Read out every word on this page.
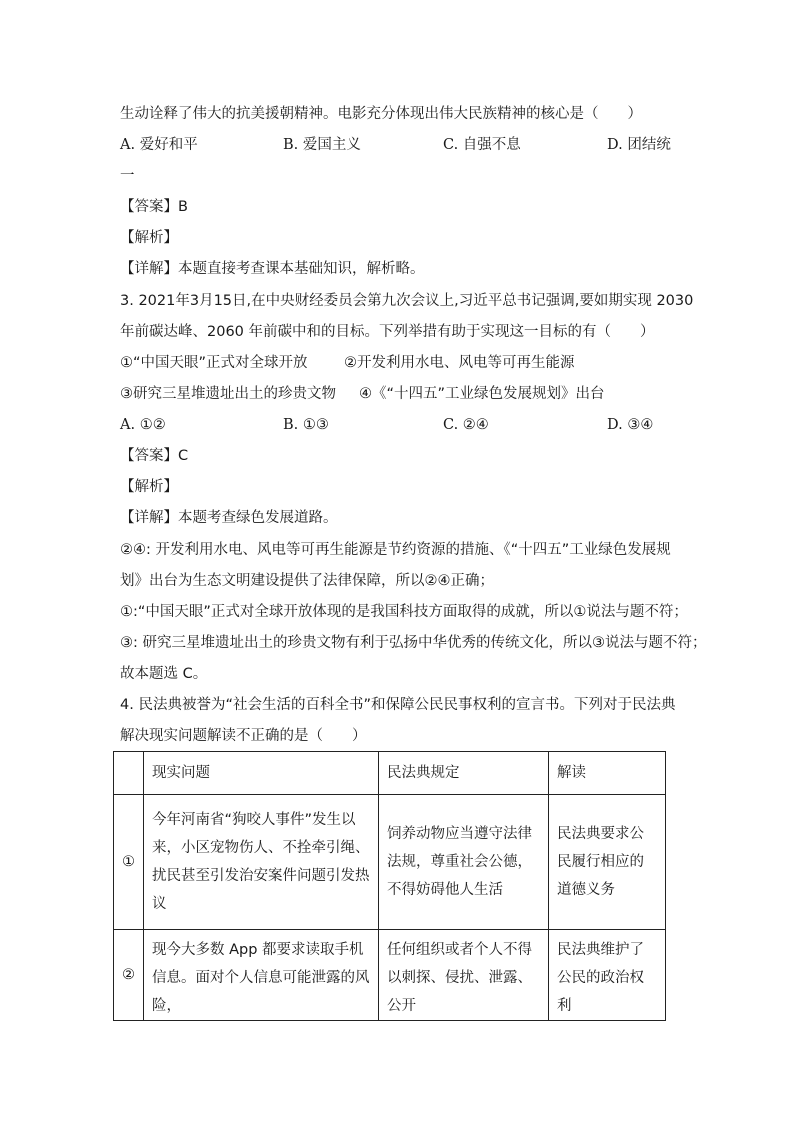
生动诠释了伟大的抗美援朝精神。电影充分体现出伟大民族精神的核心是（　　）
A. 爱好和平	B. 爱国主义	C. 自强不息	D. 团结统
一
【答案】B
【解析】
【详解】本题直接考查课本基础知识，解析略。
3. 2021年3月15日,在中央财经委员会第九次会议上,习近平总书记强调,要如期实现 2030
年前碳达峰、2060 年前碳中和的目标。下列举措有助于实现这一目标的有（　　）
①“中国天眼”正式对全球开放	②开发利用水电、风电等可再生能源
③研究三星堆遗址出土的珍贵文物 ④《“十四五”工业绿色发展规划》出台
A. ①②	B. ①③	C. ②④	D. ③④
【答案】C
【解析】
【详解】本题考查绿色发展道路。
②④: 开发利用水电、风电等可再生能源是节约资源的措施、《“十四五”工业绿色发展规
划》出台为生态文明建设提供了法律保障，所以②④正确；
①:“中国天眼”正式对全球开放体现的是我国科技方面取得的成就，所以①说法与题不符；
③: 研究三星堆遗址出土的珍贵文物有利于弘扬中华优秀的传统文化，所以③说法与题不符；
故本题选 C。
4. 民法典被誉为“社会生活的百科全书”和保障公民民事权利的宣言书。下列对于民法典
解决现实问题解读不正确的是（　　）
	现实问题	民法典规定	解读
①	今年河南省“狗咬人事件”发生以来，小区宠物伤人、不拴牵引绳、扰民甚至引发治安案件问题引发热议	饲养动物应当遵守法律法规，尊重社会公德，不得妨碍他人生活	民法典要求公民履行相应的道德义务
②	现今大多数 App 都要求读取手机信息。面对个人信息可能泄露的风险，	任何组织或者个人不得以刺探、侵扰、泄露、公开	民法典维护了公民的政治权利
